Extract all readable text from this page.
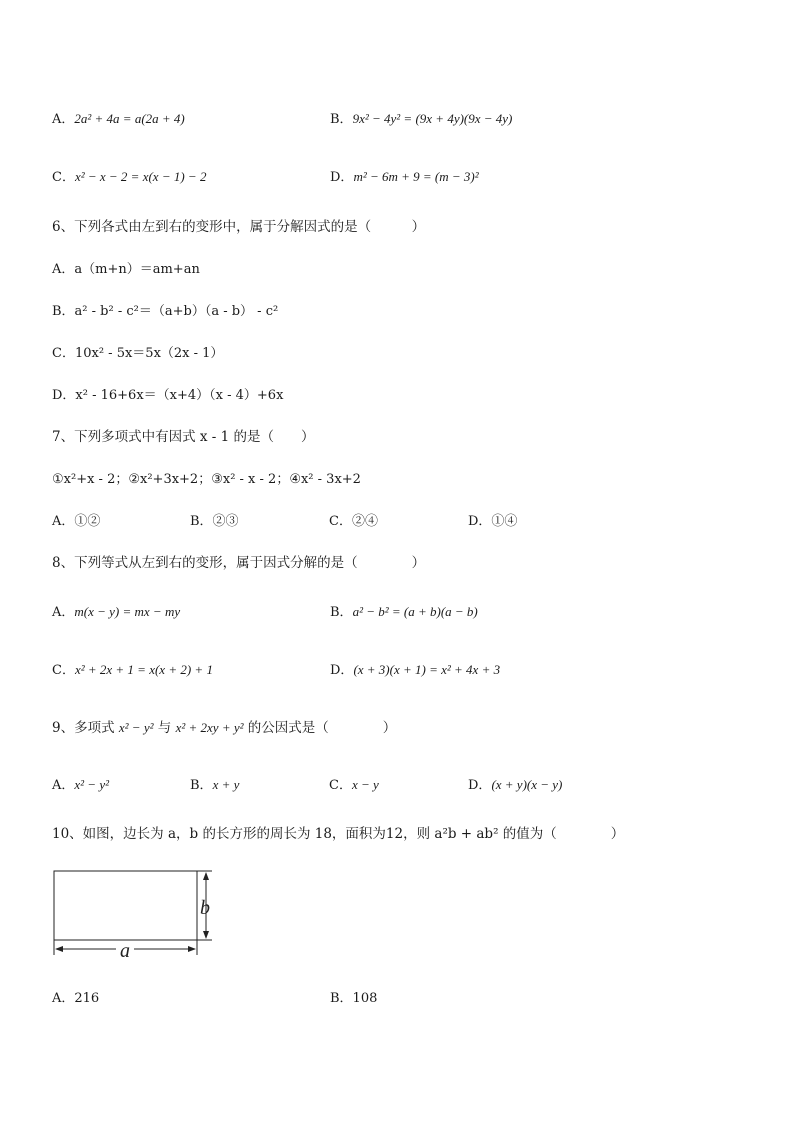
A．2a² + 4a = a(2a + 4)	B．9x² − 4y² = (9x + 4y)(9x − 4y)
C．x² − x − 2 = x(x − 1) − 2	D．m² − 6m + 9 = (m − 3)²
6、下列各式由左到右的变形中，属于分解因式的是（　　　）
A．a（m+n）＝am+an
B．a² - b² - c²＝（a+b）（a - b） - c²
C．10x² - 5x＝5x（2x - 1）
D．x² - 16+6x＝（x+4）（x - 4）+6x
7、下列多项式中有因式 x - 1 的是（　　）
①x²+x - 2；②x²+3x+2；③x² - x - 2；④x² - 3x+2
A．①②	B．②③	C．②④	D．①④
8、下列等式从左到右的变形，属于因式分解的是（　　　　）
A．m(x − y) = mx − my	B．a² − b² = (a + b)(a − b)
C．x² + 2x + 1 = x(x + 2) + 1	D．(x + 3)(x + 1) = x² + 4x + 3
9、多项式 x² − y² 与 x² + 2xy + y² 的公因式是（　　　　）
A．x² − y²	B．x + y	C．x − y	D．(x + y)(x − y)
10、如图，边长为 a，b 的长方形的周长为 18，面积为12，则 a²b + ab² 的值为（　　　　）
b
a
A．216	B．108
